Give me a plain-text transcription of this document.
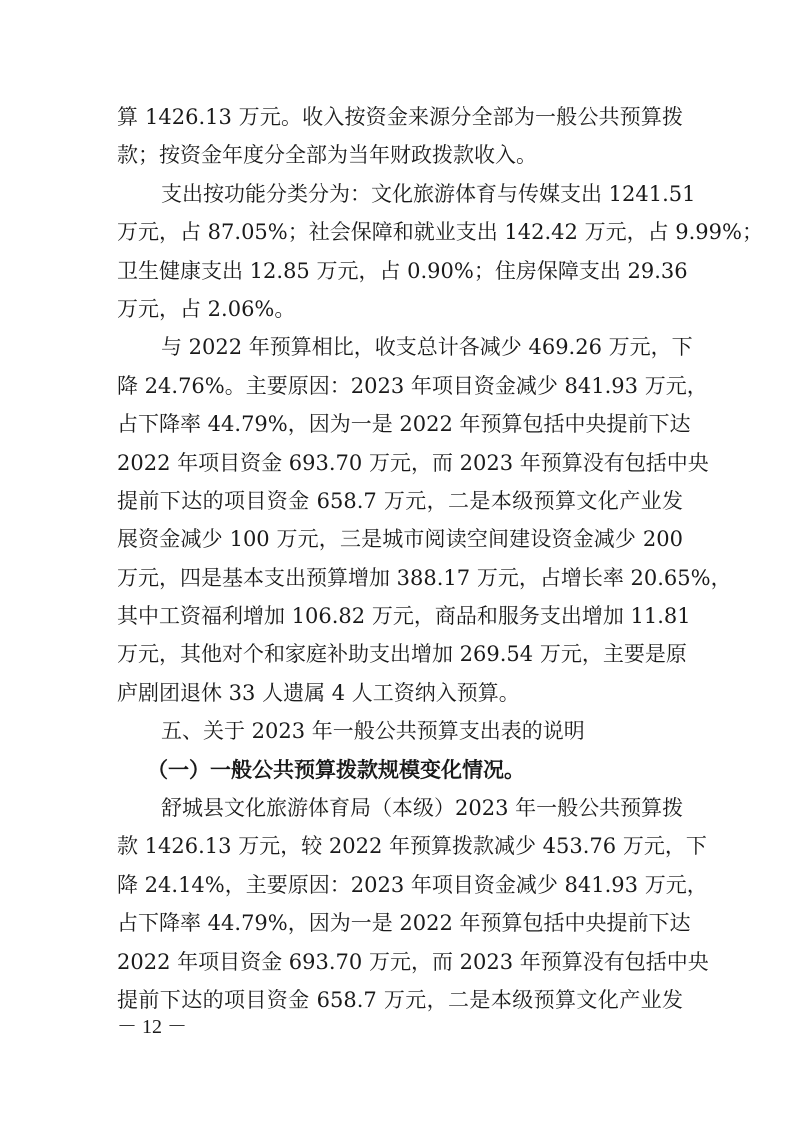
算 1426.13 万元。收入按资金来源分全部为一般公共预算拨
款；按资金年度分全部为当年财政拨款收入。
支出按功能分类分为：文化旅游体育与传媒支出 1241.51
万元，占 87.05%；社会保障和就业支出 142.42 万元，占 9.99%；
卫生健康支出 12.85 万元，占 0.90%；住房保障支出 29.36
万元，占 2.06%。
与 2022 年预算相比，收支总计各减少 469.26 万元，下
降 24.76%。主要原因：2023 年项目资金减少 841.93 万元，
占下降率 44.79%，因为一是 2022 年预算包括中央提前下达
2022 年项目资金 693.70 万元，而 2023 年预算没有包括中央
提前下达的项目资金 658.7 万元，二是本级预算文化产业发
展资金减少 100 万元，三是城市阅读空间建设资金减少 200
万元，四是基本支出预算增加 388.17 万元，占增长率 20.65%，
其中工资福利增加 106.82 万元，商品和服务支出增加 11.81
万元，其他对个和家庭补助支出增加 269.54 万元，主要是原
庐剧团退休 33 人遗属 4 人工资纳入预算。
五、关于 2023 年一般公共预算支出表的说明
（一）一般公共预算拨款规模变化情况。
舒城县文化旅游体育局（本级）2023 年一般公共预算拨
款 1426.13 万元，较 2022 年预算拨款减少 453.76 万元，下
降 24.14%，主要原因：2023 年项目资金减少 841.93 万元，
占下降率 44.79%，因为一是 2022 年预算包括中央提前下达
2022 年项目资金 693.70 万元，而 2023 年预算没有包括中央
提前下达的项目资金 658.7 万元，二是本级预算文化产业发
－ 12 －
